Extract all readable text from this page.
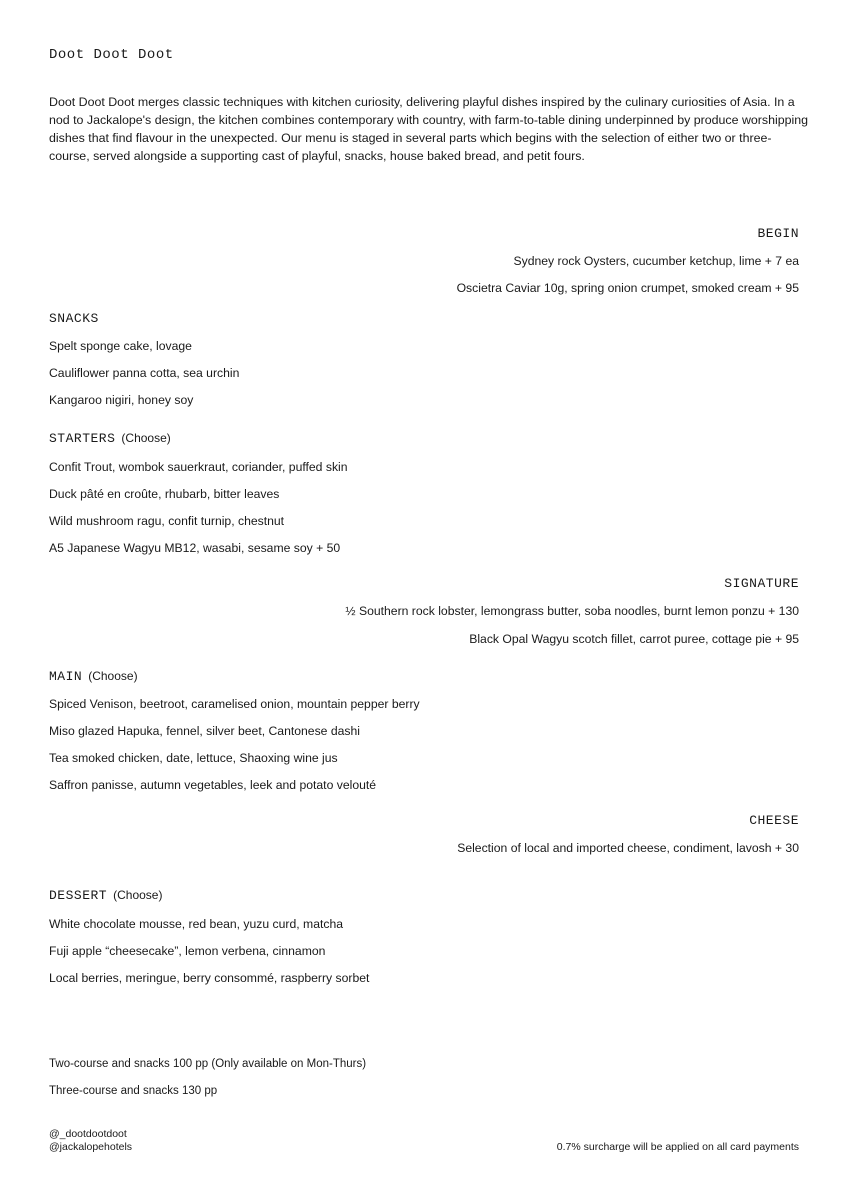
Doot Doot Doot

Doot Doot Doot merges classic techniques with kitchen curiosity, delivering playful dishes inspired by the culinary curiosities of Asia. In a nod to Jackalope's design, the kitchen combines contemporary with country, with farm-to-table dining underpinned by produce worshipping dishes that find flavour in the unexpected. Our menu is staged in several parts which begins with the selection of either two or three-course, served alongside a supporting cast of playful, snacks, house baked bread, and petit fours.

BEGIN
Sydney rock Oysters, cucumber ketchup, lime + 7 ea
Oscietra Caviar 10g, spring onion crumpet, smoked cream + 95
SNACKS
Spelt sponge cake, lovage
Cauliflower panna cotta, sea urchin
Kangaroo nigiri, honey soy
STARTERS (Choose)
Confit Trout, wombok sauerkraut, coriander, puffed skin
Duck pâté en croûte, rhubarb, bitter leaves
Wild mushroom ragu, confit turnip, chestnut
A5 Japanese Wagyu MB12, wasabi, sesame soy + 50
SIGNATURE
½ Southern rock lobster, lemongrass butter, soba noodles, burnt lemon ponzu + 130
Black Opal Wagyu scotch fillet, carrot puree, cottage pie + 95
MAIN (Choose)
Spiced Venison, beetroot, caramelised onion, mountain pepper berry
Miso glazed Hapuka, fennel, silver beet, Cantonese dashi
Tea smoked chicken, date, lettuce, Shaoxing wine jus
Saffron panisse, autumn vegetables, leek and potato velouté
CHEESE
Selection of local and imported cheese, condiment, lavosh + 30
DESSERT (Choose)
White chocolate mousse, red bean, yuzu curd, matcha
Fuji apple “cheesecake”, lemon verbena, cinnamon
Local berries, meringue, berry consommé, raspberry sorbet
Two-course and snacks 100 pp (Only available on Mon-Thurs)
Three-course and snacks 130 pp
@_dootdootdoot
@jackalopehotels	0.7% surcharge will be applied on all card payments
